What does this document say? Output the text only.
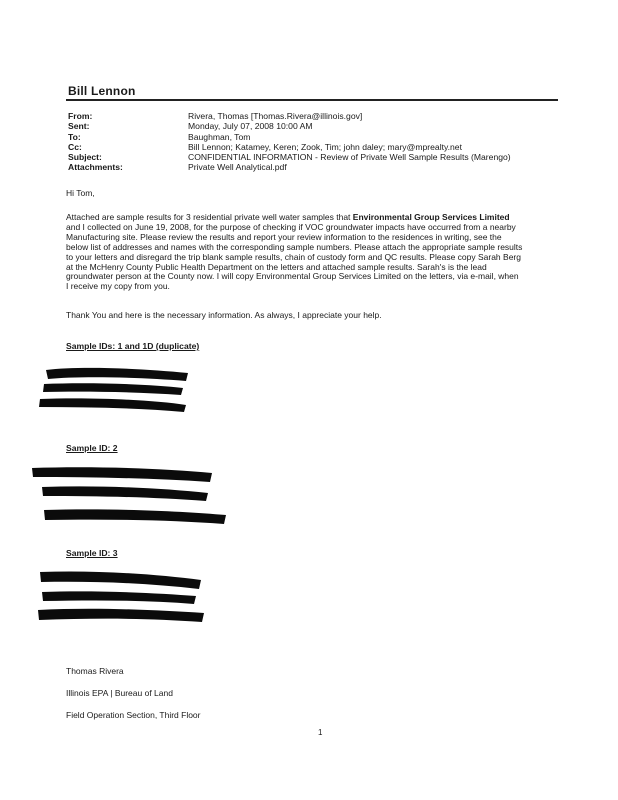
Bill Lennon
From:	Rivera, Thomas [Thomas.Rivera@illinois.gov]
Sent:	Monday, July 07, 2008 10:00 AM
To:	Baughman, Tom
Cc:	Bill Lennon; Katamey, Keren; Zook, Tim; john daley; mary@mprealty.net
Subject:	CONFIDENTIAL INFORMATION - Review of Private Well Sample Results (Marengo)
Attachments:	Private Well Analytical.pdf
Hi Tom,

Attached are sample results for 3 residential private well water samples that Environmental Group Services Limited

and I collected on June 19, 2008, for the purpose of checking if VOC groundwater impacts have occurred from a nearby

Manufacturing site. Please review the results and report your review information to the residences in writing, see the

below list of addresses and names with the corresponding sample numbers. Please attach the appropriate sample results

to your letters and disregard the trip blank sample results, chain of custody form and QC results. Please copy Sarah Berg

at the McHenry County Public Health Department on the letters and attached sample results. Sarah's is the lead

groundwater person at the County now. I will copy Environmental Group Services Limited on the letters, via e-mail, when

I receive my copy from you.

Thank You and here is the necessary information. As always, I appreciate your help.
Sample IDs: 1 and 1D (duplicate)
Sample ID: 2
Sample ID: 3
Thomas Rivera
Illinois EPA | Bureau of Land
Field Operation Section, Third Floor
1
